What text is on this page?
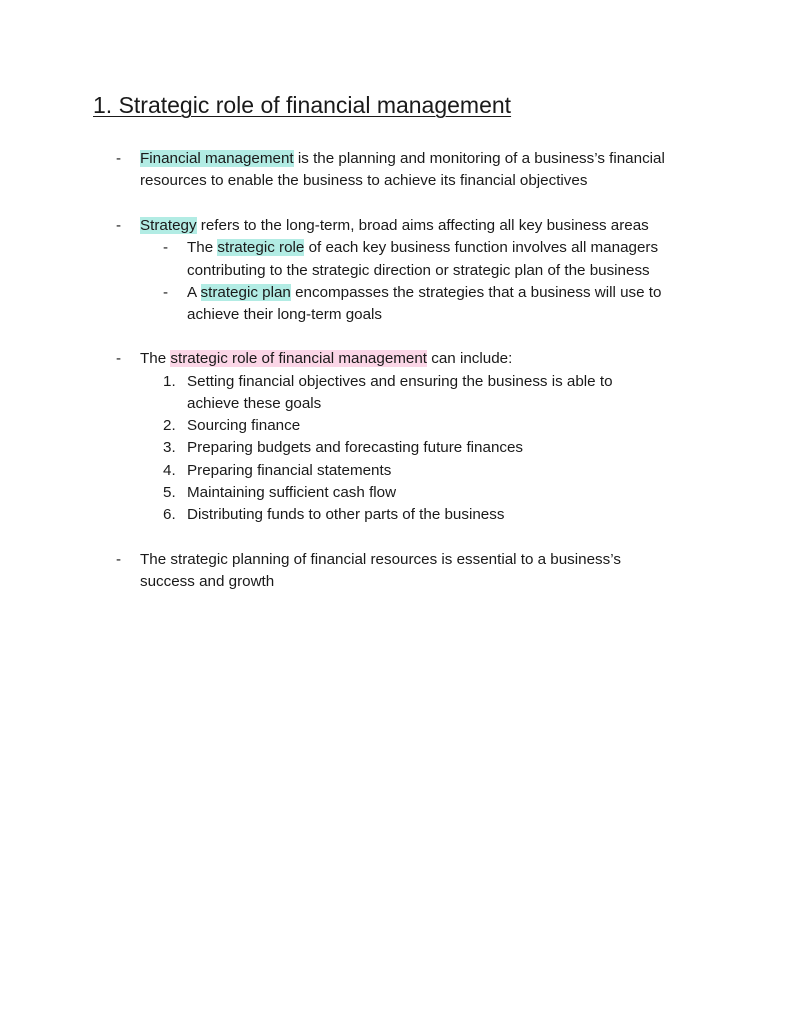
1. Strategic role of financial management
- Financial management is the planning and monitoring of a business’s financial

resources to enable the business to achieve its financial objectives

- Strategy refers to the long-term, broad aims affecting all key business areas

- The strategic role of each key business function involves all managers

contributing to the strategic direction or strategic plan of the business

- A strategic plan encompasses the strategies that a business will use to

achieve their long-term goals

- The strategic role of financial management can include:

1. Setting financial objectives and ensuring the business is able to

achieve these goals

2. Sourcing finance

3. Preparing budgets and forecasting future finances

4. Preparing financial statements

5. Maintaining sufficient cash flow

6. Distributing funds to other parts of the business

- The strategic planning of financial resources is essential to a business’s

success and growth
